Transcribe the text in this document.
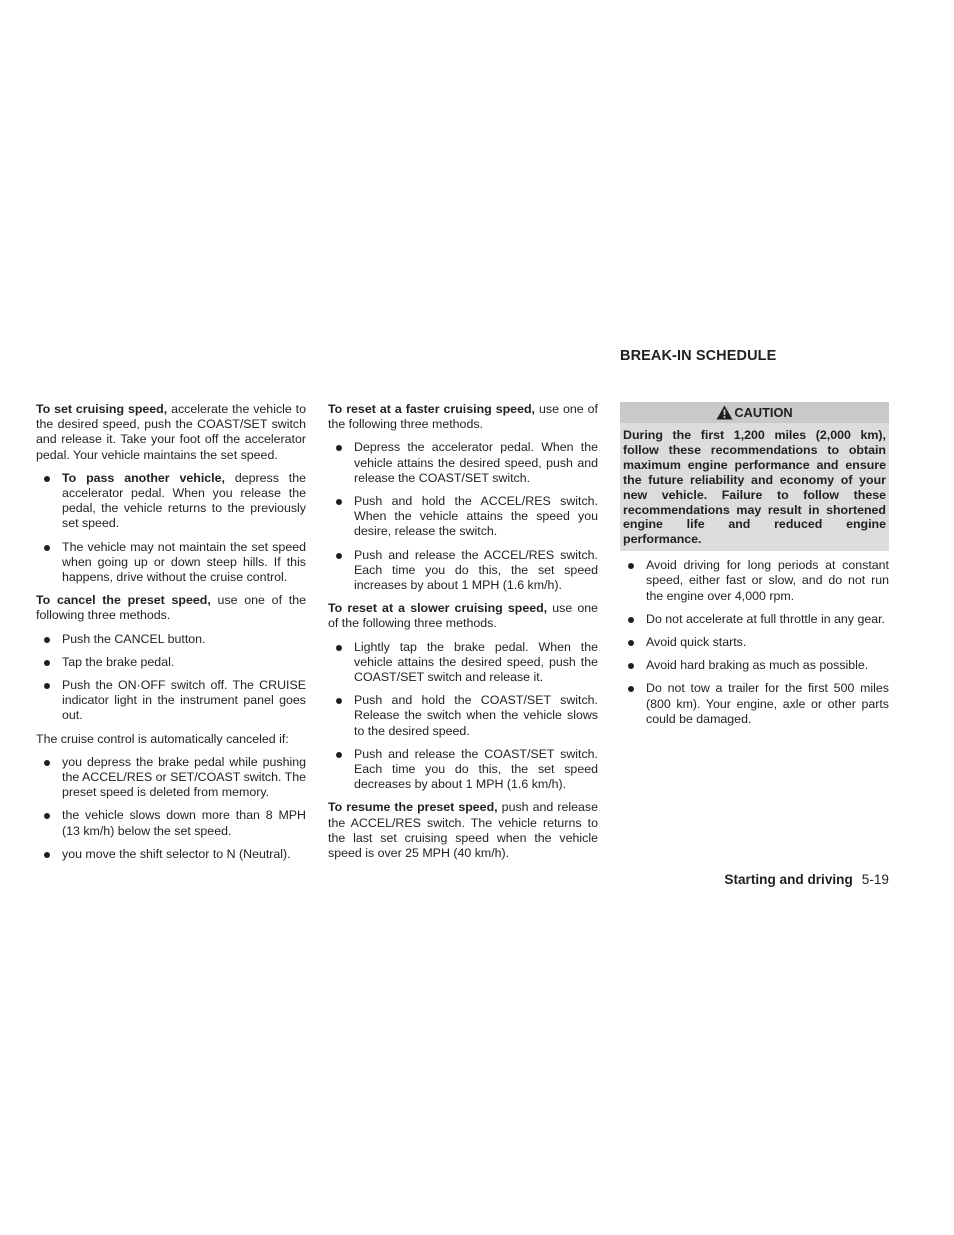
To set cruising speed, accelerate the vehicle to the desired speed, push the COAST/SET switch and release it. Take your foot off the accelerator pedal. Your vehicle maintains the set speed.

To pass another vehicle, depress the accelerator pedal. When you release the pedal, the vehicle returns to the previously set speed.
The vehicle may not maintain the set speed when going up or down steep hills. If this happens, drive without the cruise control.

To cancel the preset speed, use one of the following three methods.

Push the CANCEL button.
Tap the brake pedal.
Push the ON·OFF switch off. The CRUISE indicator light in the instrument panel goes out.

The cruise control is automatically canceled if:

you depress the brake pedal while pushing the ACCEL/RES or SET/COAST switch. The preset speed is deleted from memory.
the vehicle slows down more than 8 MPH (13 km/h) below the set speed.
you move the shift selector to N (Neutral).

To reset at a faster cruising speed, use one of the following three methods.

Depress the accelerator pedal. When the vehicle attains the desired speed, push and release the COAST/SET switch.
Push and hold the ACCEL/RES switch. When the vehicle attains the speed you desire, release the switch.
Push and release the ACCEL/RES switch. Each time you do this, the set speed increases by about 1 MPH (1.6 km/h).

To reset at a slower cruising speed, use one of the following three methods.

Lightly tap the brake pedal. When the vehicle attains the desired speed, push the COAST/SET switch and release it.
Push and hold the COAST/SET switch. Release the switch when the vehicle slows to the desired speed.
Push and release the COAST/SET switch. Each time you do this, the set speed decreases by about 1 MPH (1.6 km/h).

To resume the preset speed, push and release the ACCEL/RES switch. The vehicle returns to the last set cruising speed when the vehicle speed is over 25 MPH (40 km/h).

BREAK-IN SCHEDULE
CAUTION
During the first 1,200 miles (2,000 km), follow these recommendations to obtain maximum engine performance and ensure the future reliability and economy of your new vehicle. Failure to follow these recommendations may result in shortened engine life and reduced engine performance.
Avoid driving for long periods at constant speed, either fast or slow, and do not run the engine over 4,000 rpm.
Do not accelerate at full throttle in any gear.
Avoid quick starts.
Avoid hard braking as much as possible.
Do not tow a trailer for the first 500 miles (800 km). Your engine, axle or other parts could be damaged.
Starting and driving 5-19
